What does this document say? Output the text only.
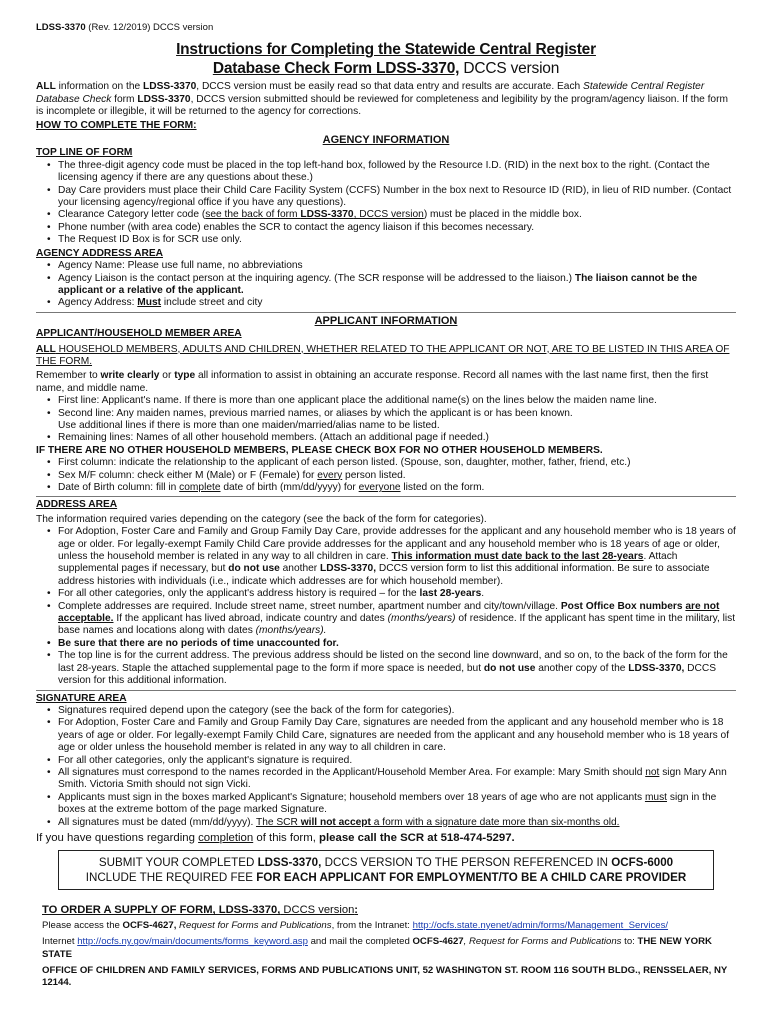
LDSS-3370 (Rev. 12/2019) DCCS version
Instructions for Completing the Statewide Central Register
Database Check Form LDSS-3370, DCCS version

ALL information on the LDSS-3370, DCCS version must be easily read so that data entry and results are accurate. Each Statewide Central Register Database Check form LDSS-3370, DCCS version submitted should be reviewed for completeness and legibility by the program/agency liaison. If the form is incomplete or illegible, it will be returned to the agency for corrections.

HOW TO COMPLETE THE FORM:
AGENCY INFORMATION
TOP LINE OF FORM
• The three-digit agency code must be placed in the top left-hand box, followed by the Resource I.D. (RID) in the next box to the right. (Contact the licensing agency if there are any questions about these.)
• Day Care providers must place their Child Care Facility System (CCFS) Number in the box next to Resource ID (RID), in lieu of RID number. (Contact your licensing agency/regional office if you have any questions).
• Clearance Category letter code (see the back of form LDSS-3370, DCCS version) must be placed in the middle box.
• Phone number (with area code) enables the SCR to contact the agency liaison if this becomes necessary.
• The Request ID Box is for SCR use only.
AGENCY ADDRESS AREA
• Agency Name: Please use full name, no abbreviations
• Agency Liaison is the contact person at the inquiring agency. (The SCR response will be addressed to the liaison.) The liaison cannot be the applicant or a relative of the applicant.
• Agency Address: Must include street and city
APPLICANT INFORMATION
APPLICANT/HOUSEHOLD MEMBER AREA

ALL HOUSEHOLD MEMBERS, ADULTS AND CHILDREN, WHETHER RELATED TO THE APPLICANT OR NOT, ARE TO BE LISTED IN THIS AREA OF THE FORM.

Remember to write clearly or type all information to assist in obtaining an accurate response. Record all names with the last name first, then the first name, and middle name.

• First line: Applicant's name. If there is more than one applicant place the additional name(s) on the lines below the maiden name line.
• Second line: Any maiden names, previous married names, or aliases by which the applicant is or has been known.
Use additional lines if there is more than one maiden/married/alias name to be listed.
• Remaining lines: Names of all other household members. (Attach an additional page if needed.)

IF THERE ARE NO OTHER HOUSEHOLD MEMBERS, PLEASE CHECK BOX FOR NO OTHER HOUSEHOLD MEMBERS.

• First column: indicate the relationship to the applicant of each person listed. (Spouse, son, daughter, mother, father, friend, etc.)
• Sex M/F column: check either M (Male) or F (Female) for every person listed.
• Date of Birth column: fill in complete date of birth (mm/dd/yyyy) for everyone listed on the form.
ADDRESS AREA

The information required varies depending on the category (see the back of the form for categories).

• For Adoption, Foster Care and Family and Group Family Day Care, provide addresses for the applicant and any household member who is 18 years of age or older. For legally-exempt Family Child Care provide addresses for the applicant and any household member who is 18 years of age or older, unless the household member is related in any way to all children in care. This information must date back to the last 28-years. Attach supplemental pages if necessary, but do not use another LDSS-3370, DCCS version form to list this additional information. Be sure to associate address histories with individuals (i.e., indicate which addresses are for which household member).
• For all other categories, only the applicant's address history is required – for the last 28-years.
• Complete addresses are required. Include street name, street number, apartment number and city/town/village. Post Office Box numbers are not acceptable. If the applicant has lived abroad, indicate country and dates (months/years) of residence. If the applicant has spent time in the military, list base names and locations along with dates (months/years).
• Be sure that there are no periods of time unaccounted for.
• The top line is for the current address. The previous address should be listed on the second line downward, and so on, to the back of the form for the last 28-years. Staple the attached supplemental page to the form if more space is needed, but do not use another copy of the LDSS-3370, DCCS version for this additional information.
SIGNATURE AREA
• Signatures required depend upon the category (see the back of the form for categories).
• For Adoption, Foster Care and Family and Group Family Day Care, signatures are needed from the applicant and any household member who is 18 years of age or older. For legally-exempt Family Child Care, signatures are needed from the applicant and any household member who is 18 years of age or older unless the household member is related in any way to all children in care.
• For all other categories, only the applicant's signature is required.
• All signatures must correspond to the names recorded in the Applicant/Household Member Area. For example: Mary Smith should not sign Mary Ann Smith. Victoria Smith should not sign Vicki.
• Applicants must sign in the boxes marked Applicant's Signature; household members over 18 years of age who are not applicants must sign in the boxes at the extreme bottom of the page marked Signature.
• All signatures must be dated (mm/dd/yyyy). The SCR will not accept a form with a signature date more than six-months old.

If you have questions regarding completion of this form, please call the SCR at 518-474-5297.

SUBMIT YOUR COMPLETED LDSS-3370, DCCS VERSION TO THE PERSON REFERENCED IN OCFS-6000
INCLUDE THE REQUIRED FEE FOR EACH APPLICANT FOR EMPLOYMENT/TO BE A CHILD CARE PROVIDER
TO ORDER A SUPPLY OF FORM, LDSS-3370, DCCS version:

Please access the OCFS-4627, Request for Forms and Publications, from the Intranet: http://ocfs.state.nyenet/admin/forms/Management_Services/

Internet http://ocfs.ny.gov/main/documents/forms_keyword.asp and mail the completed OCFS-4627, Request for Forms and Publications to: THE NEW YORK STATE

OFFICE OF CHILDREN AND FAMILY SERVICES, FORMS AND PUBLICATIONS UNIT, 52 WASHINGTON ST. ROOM 116 SOUTH BLDG., RENSSELAER, NY 12144.
